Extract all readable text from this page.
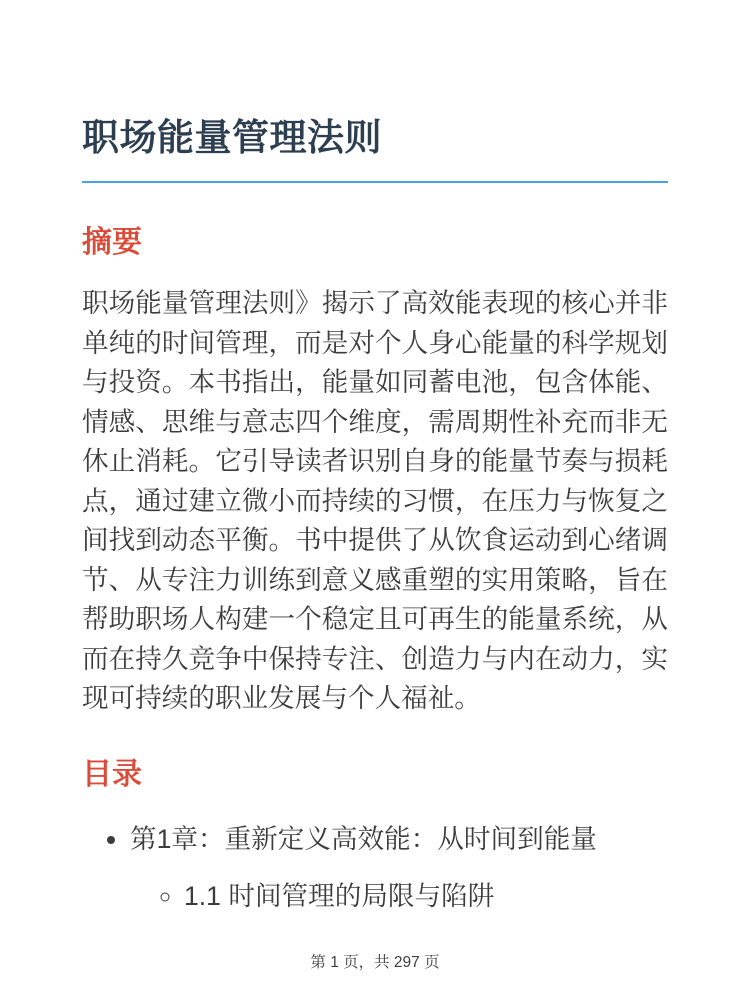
职场能量管理法则
摘要

职场能量管理法则》揭示了高效能表现的核心并非单纯的时间管理，而是对个人身心能量的科学规划与投资。本书指出，能量如同蓄电池，包含体能、情感、思维与意志四个维度，需周期性补充而非无休止消耗。它引导读者识别自身的能量节奏与损耗点，通过建立微小而持续的习惯，在压力与恢复之间找到动态平衡。书中提供了从饮食运动到心绪调节、从专注力训练到意义感重塑的实用策略，旨在帮助职场人构建一个稳定且可再生的能量系统，从而在持久竞争中保持专注、创造力与内在动力，实现可持续的职业发展与个人福祉。

目录
• 第1章：重新定义高效能：从时间到能量
◦ 1.1 时间管理的局限与陷阱
第 1 页，共 297 页
